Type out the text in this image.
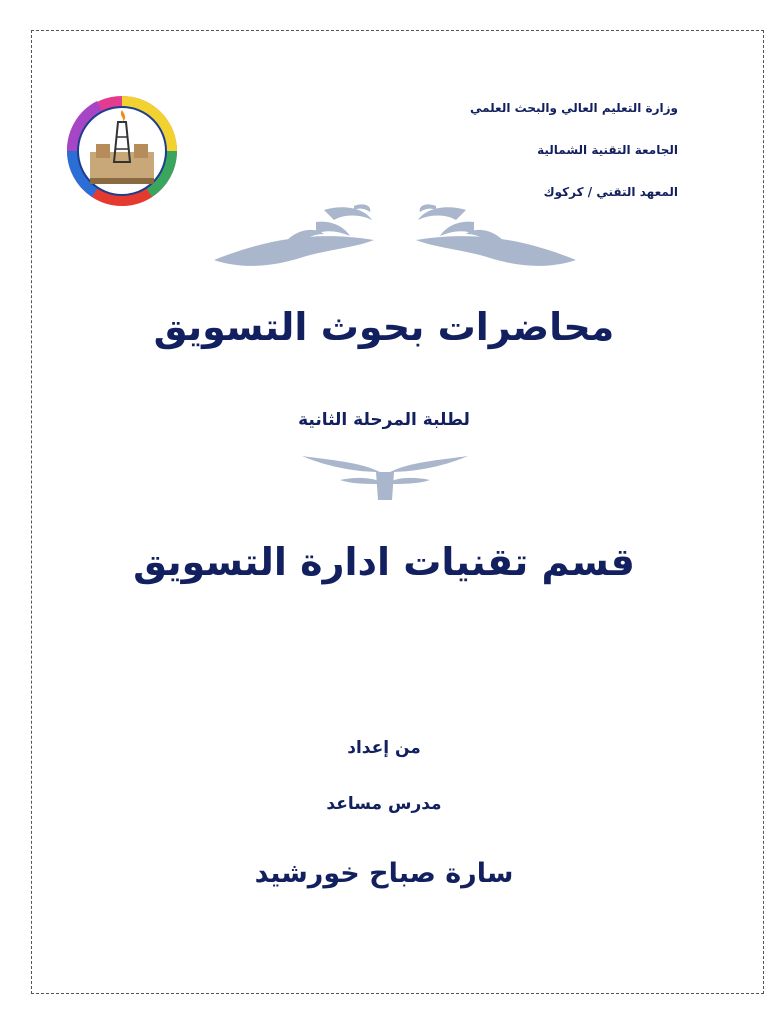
وزارة التعليم العالي والبحث العلمي
الجامعة التقنية الشمالية
المعهد التقني / كركوك
محاضرات بحوث التسويق
لطلبة المرحلة الثانية
قسم تقنيات ادارة التسويق
من إعداد
مدرس مساعد
سارة صباح خورشيد
